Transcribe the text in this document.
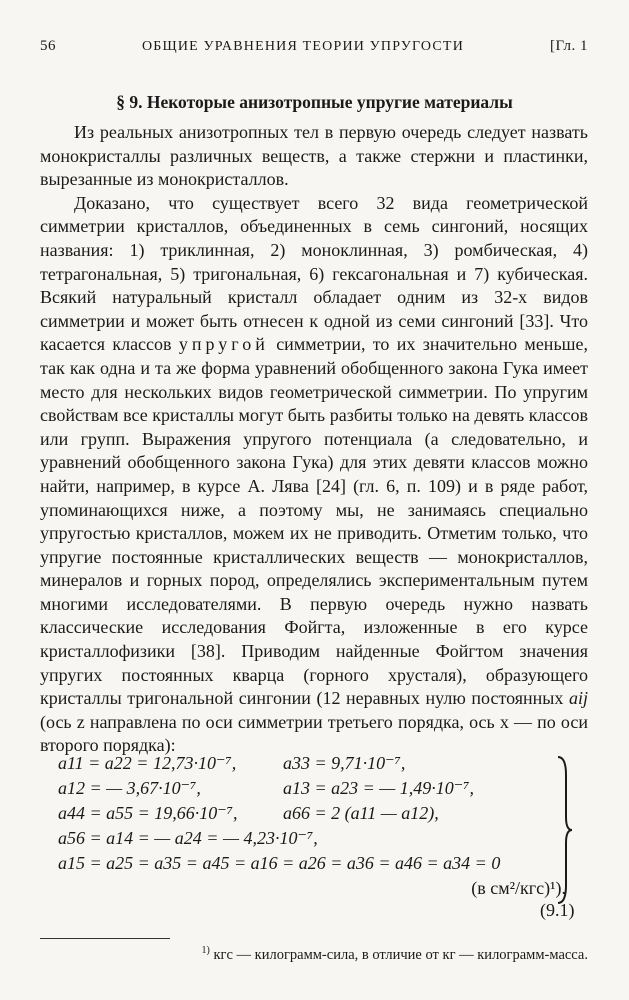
56	ОБЩИЕ УРАВНЕНИЯ ТЕОРИИ УПРУГОСТИ	[Гл. 1
§ 9. Некоторые анизотропные упругие материалы

Из реальных анизотропных тел в первую очередь следует назвать монокристаллы различных веществ, а также стержни и пластинки, вырезанные из монокристаллов.

Доказано, что существует всего 32 вида геометрической симметрии кристаллов, объединенных в семь сингоний, носящих названия: 1) триклинная, 2) моноклинная, 3) ромбическая, 4) тетрагональная, 5) тригональная, 6) гексагональная и 7) кубическая. Всякий натуральный кристалл обладает одним из 32-х видов симметрии и может быть отнесен к одной из семи сингоний [33]. Что касается классов упругой симметрии, то их значительно меньше, так как одна и та же форма уравнений обобщенного закона Гука имеет место для нескольких видов геометрической симметрии. По упругим свойствам все кристаллы могут быть разбиты только на девять классов или групп. Выражения упругого потенциала (а следовательно, и уравнений обобщенного закона Гука) для этих девяти классов можно найти, например, в курсе А. Лява [24] (гл. 6, п. 109) и в ряде работ, упоминающихся ниже, а поэтому мы, не занимаясь специально упругостью кристаллов, можем их не приводить. Отметим только, что упругие постоянные кристаллических веществ — монокристаллов, минералов и горных пород, определялись экспериментальным путем многими исследователями. В первую очередь нужно назвать классические исследования Фойгта, изложенные в его курсе кристаллофизики [38]. Приводим найденные Фойгтом значения упругих постоянных кварца (горного хрусталя), образующего кристаллы тригональной сингонии (12 неравных нулю постоянных aij (ось z направлена по оси симметрии третьего порядка, ось x — по оси второго порядка):

a11 = a22 = 12,73·10⁻⁷,	a33 = 9,71·10⁻⁷,
a12 = — 3,67·10⁻⁷,	a13 = a23 = — 1,49·10⁻⁷,
a44 = a55 = 19,66·10⁻⁷,	a66 = 2 (a11 — a12),
a56 = a14 = — a24 = — 4,23·10⁻⁷,
a15 = a25 = a35 = a45 = a16 = a26 = a36 = a46 = a34 = 0
(в см²/кгс)¹).
(9.1)
$^{1)}$ кгс — килограмм-сила, в отличие от кг — килограмм-масса.
